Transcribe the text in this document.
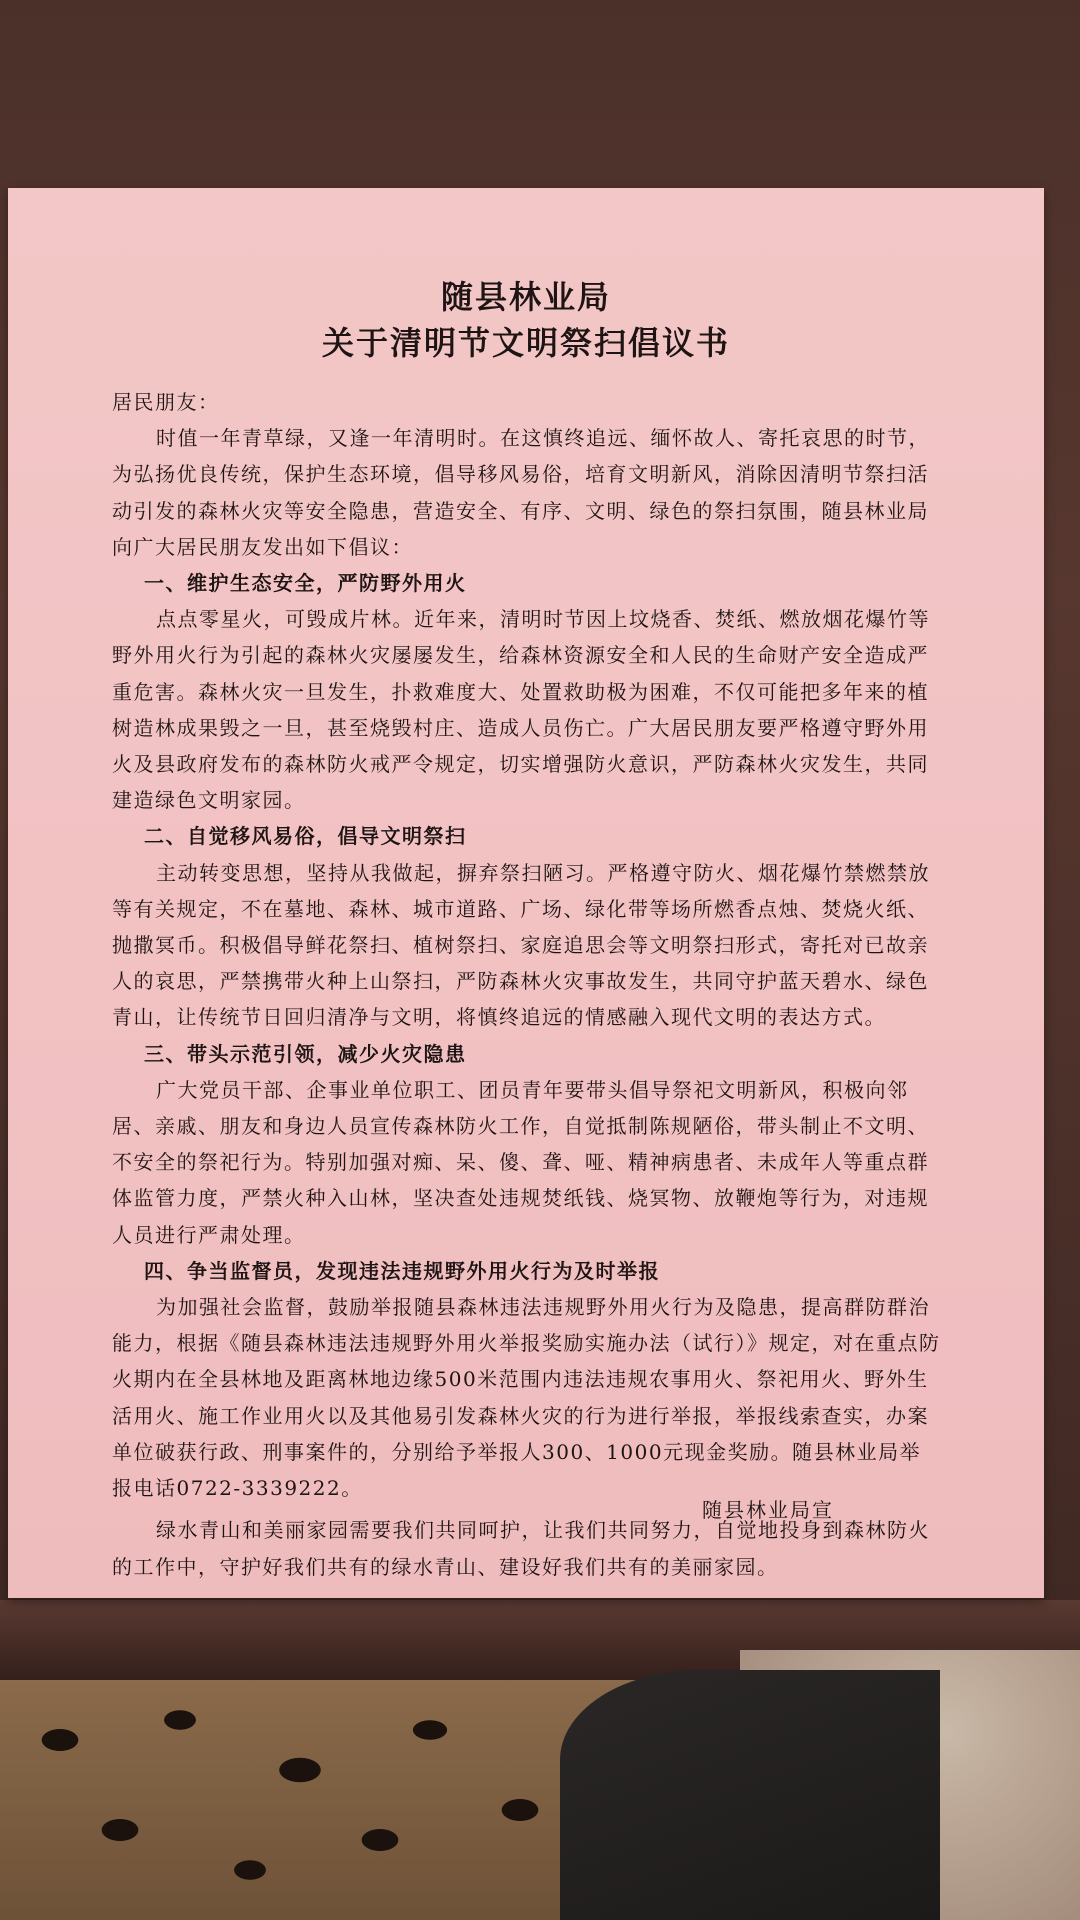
随县林业局
关于清明节文明祭扫倡议书

居民朋友：

时值一年青草绿，又逢一年清明时。在这慎终追远、缅怀故人、寄托哀思的时节，为弘扬优良传统，保护生态环境，倡导移风易俗，培育文明新风，消除因清明节祭扫活动引发的森林火灾等安全隐患，营造安全、有序、文明、绿色的祭扫氛围，随县林业局向广大居民朋友发出如下倡议：

一、维护生态安全，严防野外用火

点点零星火，可毁成片林。近年来，清明时节因上坟烧香、焚纸、燃放烟花爆竹等野外用火行为引起的森林火灾屡屡发生，给森林资源安全和人民的生命财产安全造成严重危害。森林火灾一旦发生，扑救难度大、处置救助极为困难，不仅可能把多年来的植树造林成果毁之一旦，甚至烧毁村庄、造成人员伤亡。广大居民朋友要严格遵守野外用火及县政府发布的森林防火戒严令规定，切实增强防火意识，严防森林火灾发生，共同建造绿色文明家园。

二、自觉移风易俗，倡导文明祭扫

主动转变思想，坚持从我做起，摒弃祭扫陋习。严格遵守防火、烟花爆竹禁燃禁放等有关规定，不在墓地、森林、城市道路、广场、绿化带等场所燃香点烛、焚烧火纸、抛撒冥币。积极倡导鲜花祭扫、植树祭扫、家庭追思会等文明祭扫形式，寄托对已故亲人的哀思，严禁携带火种上山祭扫，严防森林火灾事故发生，共同守护蓝天碧水、绿色青山，让传统节日回归清净与文明，将慎终追远的情感融入现代文明的表达方式。

三、带头示范引领，减少火灾隐患

广大党员干部、企事业单位职工、团员青年要带头倡导祭祀文明新风，积极向邻居、亲戚、朋友和身边人员宣传森林防火工作，自觉抵制陈规陋俗，带头制止不文明、不安全的祭祀行为。特别加强对痴、呆、傻、聋、哑、精神病患者、未成年人等重点群体监管力度，严禁火种入山林，坚决查处违规焚纸钱、烧冥物、放鞭炮等行为，对违规人员进行严肃处理。

四、争当监督员，发现违法违规野外用火行为及时举报

为加强社会监督，鼓励举报随县森林违法违规野外用火行为及隐患，提高群防群治能力，根据《随县森林违法违规野外用火举报奖励实施办法（试行）》规定，对在重点防火期内在全县林地及距离林地边缘500米范围内违法违规农事用火、祭祀用火、野外生活用火、施工作业用火以及其他易引发森林火灾的行为进行举报，举报线索查实，办案单位破获行政、刑事案件的，分别给予举报人300、1000元现金奖励。随县林业局举报电话0722-3339222。

绿水青山和美丽家园需要我们共同呵护，让我们共同努力，自觉地投身到森林防火的工作中，守护好我们共有的绿水青山、建设好我们共有的美丽家园。

随县林业局宣
